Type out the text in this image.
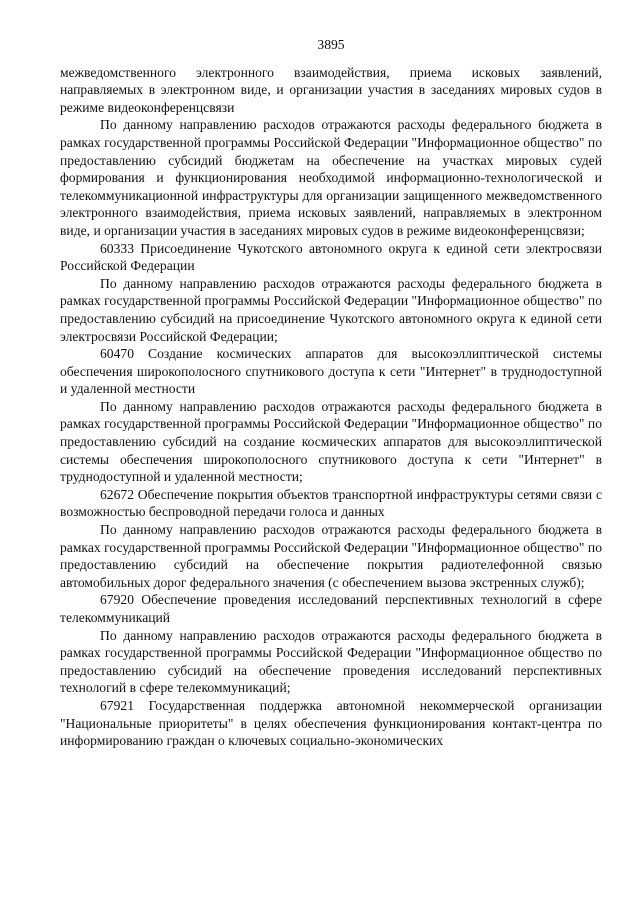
3895

межведомственного электронного взаимодействия, приема исковых заявлений, направляемых в электронном виде, и организации участия в заседаниях мировых судов в режиме видеоконференцсвязи

По данному направлению расходов отражаются расходы федерального бюджета в рамках государственной программы Российской Федерации "Информационное общество" по предоставлению субсидий бюджетам на обеспечение на участках мировых судей формирования и функционирования необходимой информационно-технологической и телекоммуникационной инфраструктуры для организации защищенного межведомственного электронного взаимодействия, приема исковых заявлений, направляемых в электронном виде, и организации участия в заседаниях мировых судов в режиме видеоконференцсвязи;

60333 Присоединение Чукотского автономного округа к единой сети электросвязи Российской Федерации

По данному направлению расходов отражаются расходы федерального бюджета в рамках государственной программы Российской Федерации "Информационное общество" по предоставлению субсидий на присоединение Чукотского автономного округа к единой сети электросвязи Российской Федерации;

60470 Создание космических аппаратов для высокоэллиптической системы обеспечения широкополосного спутникового доступа к сети "Интернет" в труднодоступной и удаленной местности

По данному направлению расходов отражаются расходы федерального бюджета в рамках государственной программы Российской Федерации "Информационное общество" по предоставлению субсидий на создание космических аппаратов для высокоэллиптической системы обеспечения широкополосного спутникового доступа к сети "Интернет" в труднодоступной и удаленной местности;

62672 Обеспечение покрытия объектов транспортной инфраструктуры сетями связи с возможностью беспроводной передачи голоса и данных

По данному направлению расходов отражаются расходы федерального бюджета в рамках государственной программы Российской Федерации "Информационное общество" по предоставлению субсидий на обеспечение покрытия радиотелефонной связью автомобильных дорог федерального значения (с обеспечением вызова экстренных служб);

67920 Обеспечение проведения исследований перспективных технологий в сфере телекоммуникаций

По данному направлению расходов отражаются расходы федерального бюджета в рамках государственной программы Российской Федерации "Информационное общество по предоставлению субсидий на обеспечение проведения исследований перспективных технологий в сфере телекоммуникаций;

67921 Государственная поддержка автономной некоммерческой организации "Национальные приоритеты" в целях обеспечения функционирования контакт-центра по информированию граждан о ключевых социально-экономических
